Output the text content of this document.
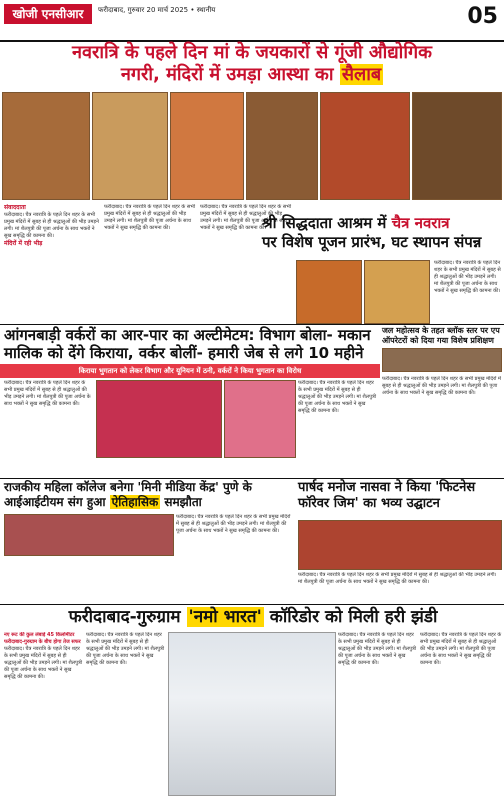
खोजी एनसीआर	फरीदाबाद, गुरुवार 20 मार्च 2025 • स्थानीय	05
नवरात्रि के पहले दिन मां के जयकारों से गूंजी औद्योगिक
नगरी, मंदिरों में उमड़ा आस्था का सैलाब
संवाददाता
फरीदाबाद। चैत्र नवरात्रि के पहले दिन शहर के सभी प्रमुख मंदिरों में सुबह से ही श्रद्धालुओं की भीड़ उमड़ने लगी। मां शैलपुत्री की पूजा अर्चना के साथ भक्तों ने सुख समृद्धि की कामना की।
मंदिरों में रही भीड़
फरीदाबाद। चैत्र नवरात्रि के पहले दिन शहर के सभी प्रमुख मंदिरों में सुबह से ही श्रद्धालुओं की भीड़ उमड़ने लगी। मां शैलपुत्री की पूजा अर्चना के साथ भक्तों ने सुख समृद्धि की कामना की।
फरीदाबाद। चैत्र नवरात्रि के पहले दिन शहर के सभी प्रमुख मंदिरों में सुबह से ही श्रद्धालुओं की भीड़ उमड़ने लगी। मां शैलपुत्री की पूजा अर्चना के साथ भक्तों ने सुख समृद्धि की कामना की।
श्री सिद्धदाता आश्रम में चैत्र नवरात्र
पर विशेष पूजन प्रारंभ, घट स्थापन संपन्न
फरीदाबाद। चैत्र नवरात्रि के पहले दिन शहर के सभी प्रमुख मंदिरों में सुबह से ही श्रद्धालुओं की भीड़ उमड़ने लगी। मां शैलपुत्री की पूजा अर्चना के साथ भक्तों ने सुख समृद्धि की कामना की।
आंगनबाड़ी वर्करों का आर-पार का अल्टीमेटम: विभाग बोला- मकान मालिक को देंगे किराया, वर्कर बोलीं- हमारी जेब से लगे 10 महीने
किराया भुगतान को लेकर विभाग और यूनियन में ठनी, वर्करों ने किया भुगतान का विरोध
फरीदाबाद। चैत्र नवरात्रि के पहले दिन शहर के सभी प्रमुख मंदिरों में सुबह से ही श्रद्धालुओं की भीड़ उमड़ने लगी। मां शैलपुत्री की पूजा अर्चना के साथ भक्तों ने सुख समृद्धि की कामना की।
फरीदाबाद। चैत्र नवरात्रि के पहले दिन शहर के सभी प्रमुख मंदिरों में सुबह से ही श्रद्धालुओं की भीड़ उमड़ने लगी। मां शैलपुत्री की पूजा अर्चना के साथ भक्तों ने सुख समृद्धि की कामना की।
जल महोत्सव के तहत ब्लॉक स्तर पर एप ऑपरेटरों को दिया गया विशेष प्रशिक्षण
फरीदाबाद। चैत्र नवरात्रि के पहले दिन शहर के सभी प्रमुख मंदिरों में सुबह से ही श्रद्धालुओं की भीड़ उमड़ने लगी। मां शैलपुत्री की पूजा अर्चना के साथ भक्तों ने सुख समृद्धि की कामना की।
राजकीय महिला कॉलेज बनेगा 'मिनी मीडिया केंद्र' पुणे के आईआईटीयम संग हुआ ऐतिहासिक समझौता
फरीदाबाद। चैत्र नवरात्रि के पहले दिन शहर के सभी प्रमुख मंदिरों में सुबह से ही श्रद्धालुओं की भीड़ उमड़ने लगी। मां शैलपुत्री की पूजा अर्चना के साथ भक्तों ने सुख समृद्धि की कामना की।
पार्षद मनोज नासवा ने किया 'फिटनेस फॉरेवर जिम' का भव्य उद्घाटन
फरीदाबाद। चैत्र नवरात्रि के पहले दिन शहर के सभी प्रमुख मंदिरों में सुबह से ही श्रद्धालुओं की भीड़ उमड़ने लगी। मां शैलपुत्री की पूजा अर्चना के साथ भक्तों ने सुख समृद्धि की कामना की।
फरीदाबाद-गुरुग्राम 'नमो भारत' कॉरिडोर को मिली हरी झंडी
नए रूट की कुल लंबाई 45 किलोमीटर
फरीदाबाद-गुरुग्राम के बीच होगा तेज सफर
फरीदाबाद। चैत्र नवरात्रि के पहले दिन शहर के सभी प्रमुख मंदिरों में सुबह से ही श्रद्धालुओं की भीड़ उमड़ने लगी। मां शैलपुत्री की पूजा अर्चना के साथ भक्तों ने सुख समृद्धि की कामना की।
फरीदाबाद। चैत्र नवरात्रि के पहले दिन शहर के सभी प्रमुख मंदिरों में सुबह से ही श्रद्धालुओं की भीड़ उमड़ने लगी। मां शैलपुत्री की पूजा अर्चना के साथ भक्तों ने सुख समृद्धि की कामना की।
फरीदाबाद। चैत्र नवरात्रि के पहले दिन शहर के सभी प्रमुख मंदिरों में सुबह से ही श्रद्धालुओं की भीड़ उमड़ने लगी। मां शैलपुत्री की पूजा अर्चना के साथ भक्तों ने सुख समृद्धि की कामना की।
फरीदाबाद। चैत्र नवरात्रि के पहले दिन शहर के सभी प्रमुख मंदिरों में सुबह से ही श्रद्धालुओं की भीड़ उमड़ने लगी। मां शैलपुत्री की पूजा अर्चना के साथ भक्तों ने सुख समृद्धि की कामना की।
